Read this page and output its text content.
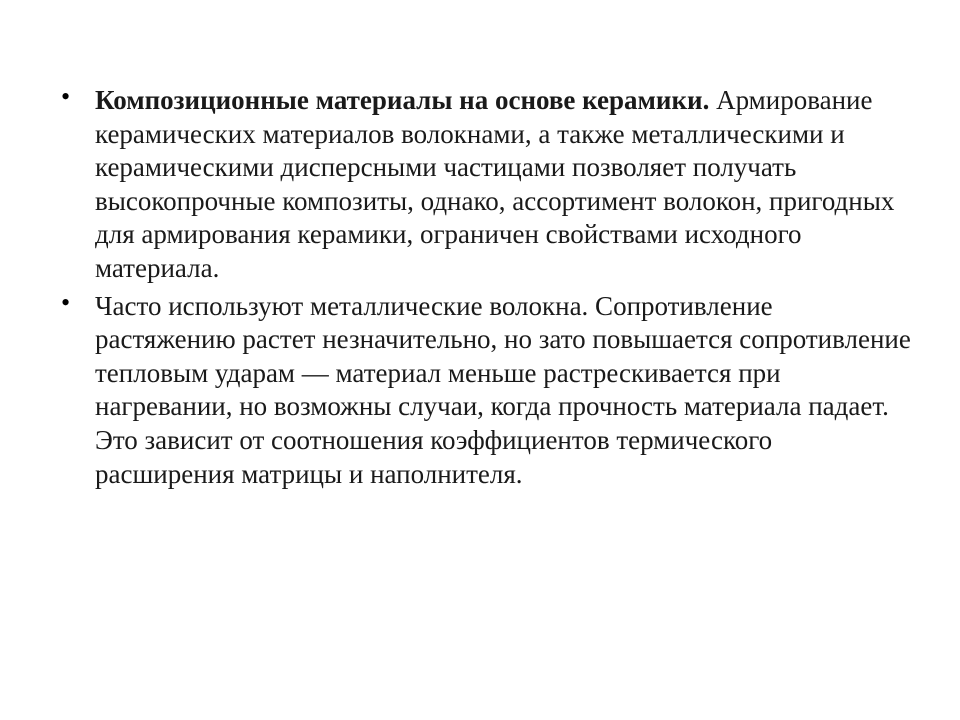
• Композиционные материалы на основе керамики. Армирование керамических материалов волокнами, а также металлическими и керамическими дисперсными частицами позволяет получать высокопрочные композиты, однако, ассортимент волокон, пригодных для армирования керамики, ограничен свойствами исходного материала.
• Часто используют металлические волокна. Сопротивление растяжению растет незначительно, но зато повышается сопротивление тепловым ударам — материал меньше растрескивается при нагревании, но возможны случаи, когда прочность материала падает. Это зависит от соотношения коэффициентов термического расширения матрицы и наполнителя.
